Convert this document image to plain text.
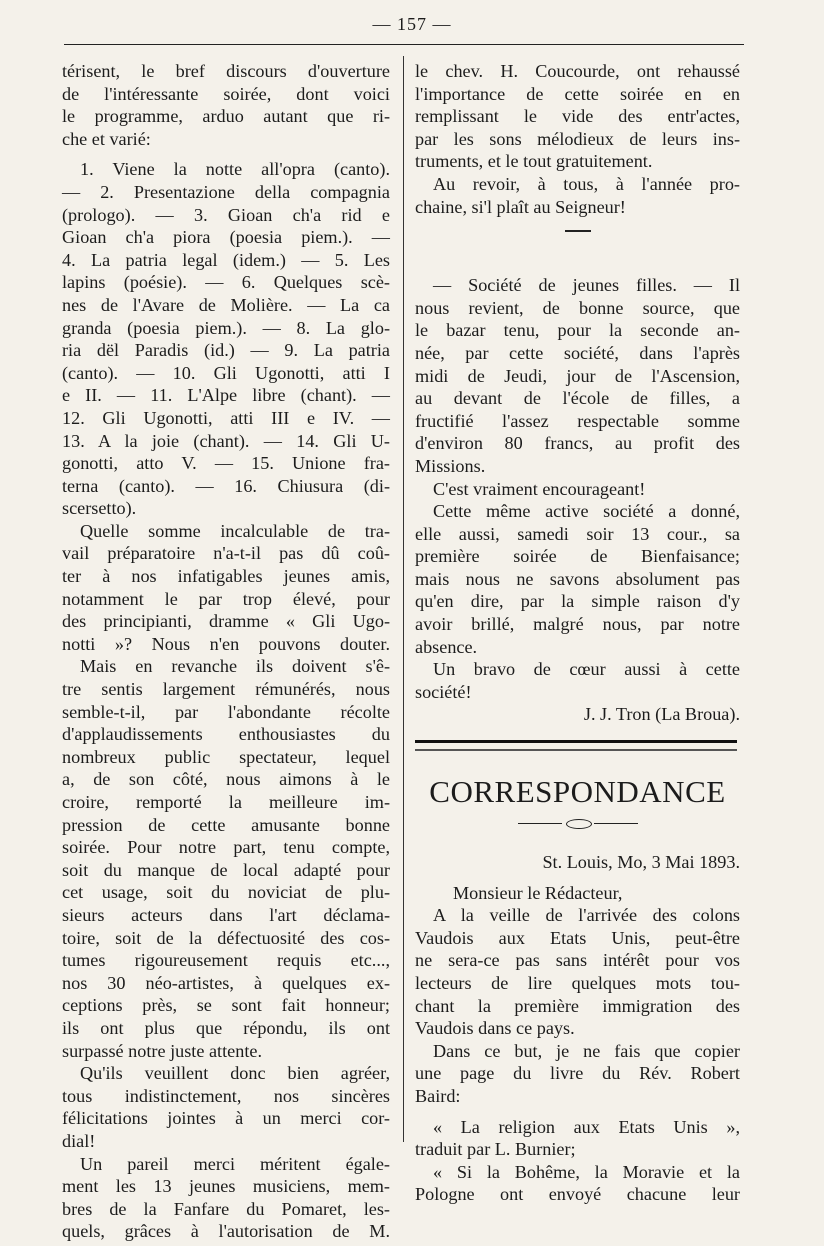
— 157 —
térisent, le bref discours d'ouverture
de l'intéressante soirée, dont voici
le programme, arduo autant que ri-
che et varié:
1. Viene la notte all'opra (canto).
— 2. Presentazione della compagnia
(prologo). — 3. Gioan ch'a rid e
Gioan ch'a piora (poesia piem.). —
4. La patria legal (idem.) — 5. Les
lapins (poésie). — 6. Quelques scè-
nes de l'Avare de Molière. — La ca
granda (poesia piem.). — 8. La glo-
ria dël Paradis (id.) — 9. La patria
(canto). — 10. Gli Ugonotti, atti I
e II. — 11. L'Alpe libre (chant). —
12. Gli Ugonotti, atti III e IV. —
13. A la joie (chant). — 14. Gli U-
gonotti, atto V. — 15. Unione fra-
terna (canto). — 16. Chiusura (di-
scersetto).
Quelle somme incalculable de tra-
vail préparatoire n'a-t-il pas dû coû-
ter à nos infatigables jeunes amis,
notamment le par trop élevé, pour
des principianti, dramme « Gli Ugo-
notti »? Nous n'en pouvons douter.
Mais en revanche ils doivent s'ê-
tre sentis largement rémunérés, nous
semble-t-il, par l'abondante récolte
d'applaudissements enthousiastes du
nombreux public spectateur, lequel
a, de son côté, nous aimons à le
croire, remporté la meilleure im-
pression de cette amusante bonne
soirée. Pour notre part, tenu compte,
soit du manque de local adapté pour
cet usage, soit du noviciat de plu-
sieurs acteurs dans l'art déclama-
toire, soit de la défectuosité des cos-
tumes rigoureusement requis etc...,
nos 30 néo-artistes, à quelques ex-
ceptions près, se sont fait honneur;
ils ont plus que répondu, ils ont
surpassé notre juste attente.
Qu'ils veuillent donc bien agréer,
tous indistinctement, nos sincères
félicitations jointes à un merci cor-
dial!
Un pareil merci méritent égale-
ment les 13 jeunes musiciens, mem-
bres de la Fanfare du Pomaret, les-
quels, grâces à l'autorisation de M.
le chev. H. Coucourde, ont rehaussé
l'importance de cette soirée en en
remplissant le vide des entr'actes,
par les sons mélodieux de leurs ins-
truments, et le tout gratuitement.
Au revoir, à tous, à l'année pro-
chaine, si'l plaît au Seigneur!
— Société de jeunes filles. — Il
nous revient, de bonne source, que
le bazar tenu, pour la seconde an-
née, par cette société, dans l'après
midi de Jeudi, jour de l'Ascension,
au devant de l'école de filles, a
fructifié l'assez respectable somme
d'environ 80 francs, au profit des
Missions.
C'est vraiment encourageant!
Cette même active société a donné,
elle aussi, samedi soir 13 cour., sa
première soirée de Bienfaisance;
mais nous ne savons absolument pas
qu'en dire, par la simple raison d'y
avoir brillé, malgré nous, par notre
absence.
Un bravo de cœur aussi à cette
société!
J. J. Tron (La Broua).
CORRESPONDANCE
St. Louis, Mo, 3 Mai 1893.
Monsieur le Rédacteur,
A la veille de l'arrivée des colons
Vaudois aux Etats Unis, peut-être
ne sera-ce pas sans intérêt pour vos
lecteurs de lire quelques mots tou-
chant la première immigration des
Vaudois dans ce pays.
Dans ce but, je ne fais que copier
une page du livre du Rév. Robert
Baird:
« La religion aux Etats Unis »,
traduit par L. Burnier;
« Si la Bohême, la Moravie et la
Pologne ont envoyé chacune leur
